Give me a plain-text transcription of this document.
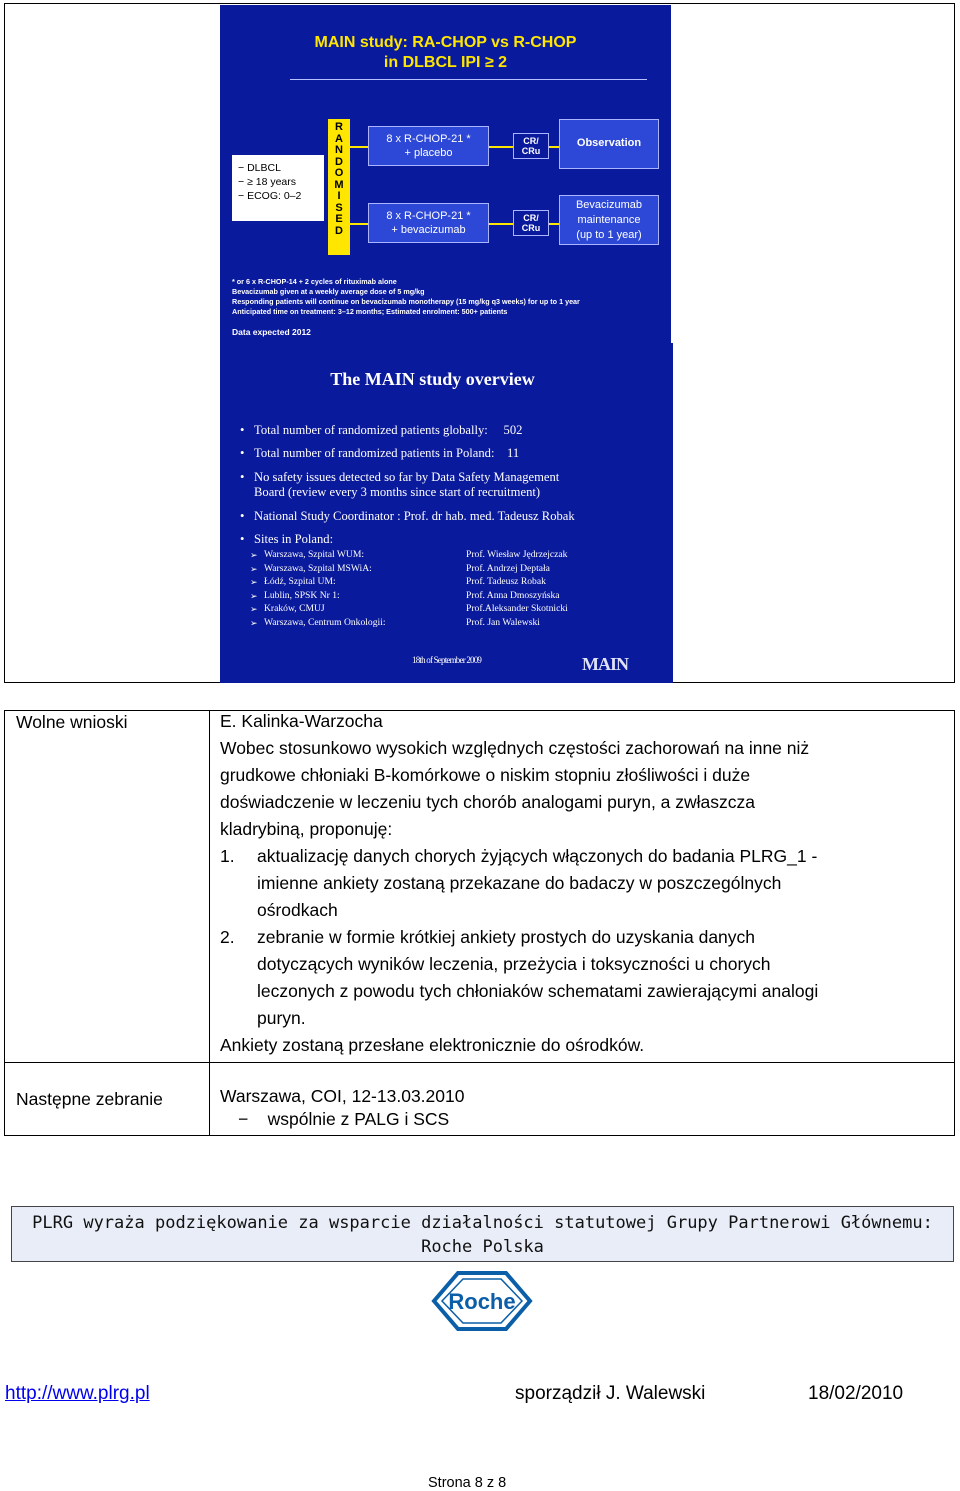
MAIN study: RA-CHOP vs R-CHOP
in DLBCL IPI ≥ 2
− DLBCL
− ≥ 18 years
− ECOG: 0–2
R
A
N
D
O
M
I
S
E
D
8 x R-CHOP-21 *
+ placebo
8 x R-CHOP-21 *
+ bevacizumab
CR/
CRu
CR/
CRu
Observation
Bevacizumab
maintenance
(up to 1 year)
* or 6 x R-CHOP-14 + 2 cycles of rituximab alone
Bevacizumab given at a weekly average dose of 5 mg/kg
Responding patients will continue on bevacizumab monotherapy (15 mg/kg q3 weeks) for up to 1 year
Anticipated time on treatment: 3–12 months; Estimated enrolment: 500+ patients
Data expected 2012
The MAIN study overview
• Total number of randomized patients globally:     502
• Total number of randomized patients in Poland:    11
• No safety issues detected so far by Data Safety Management
Board (review every 3 months since start of recruitment)
• National Study Coordinator : Prof. dr hab. med. Tadeusz Robak
• Sites in Poland:
➢ Warszawa, Szpital WUM:	Prof. Wiesław Jędrzejczak
➢ Warszawa, Szpital MSWiA:	Prof. Andrzej Deptała
➢ Łódź, Szpital UM:	Prof. Tadeusz Robak
➢ Lublin, SPSK Nr 1:	Prof. Anna Dmoszyńska
➢ Kraków, CMUJ	Prof.Aleksander Skotnicki
➢ Warszawa, Centrum Onkologii:	Prof. Jan Walewski
18th of September 2009	MAIN
Wolne wnioski	E. Kalinka-Warzocha
Wobec stosunkowo wysokich względnych częstości zachorowań na inne niż
grudkowe chłoniaki B-komórkowe o niskim stopniu złośliwości i duże
doświadczenie w leczeniu tych chorób analogami puryn, a zwłaszcza
kladrybiną, proponuję:
1. aktualizację danych chorych żyjących włączonych do badania PLRG_1 -
imienne ankiety zostaną przekazane do badaczy w poszczególnych
ośrodkach
2. zebranie w formie krótkiej ankiety prostych do uzyskania danych
dotyczących wyników leczenia, przeżycia i toksyczności u chorych
leczonych z powodu tych chłoniaków schematami zawierającymi analogi
puryn.
Ankiety zostaną przesłane elektronicznie do ośrodków.
Następne zebranie	Warszawa, COI, 12-13.03.2010
−    wspólnie z PALG i SCS
PLRG wyraża podziękowanie za wsparcie działalności statutowej Grupy Partnerowi Głównemu:
Roche Polska
Roche
http://www.plrg.pl	sporządził J. Walewski	18/02/2010
Strona 8 z 8
